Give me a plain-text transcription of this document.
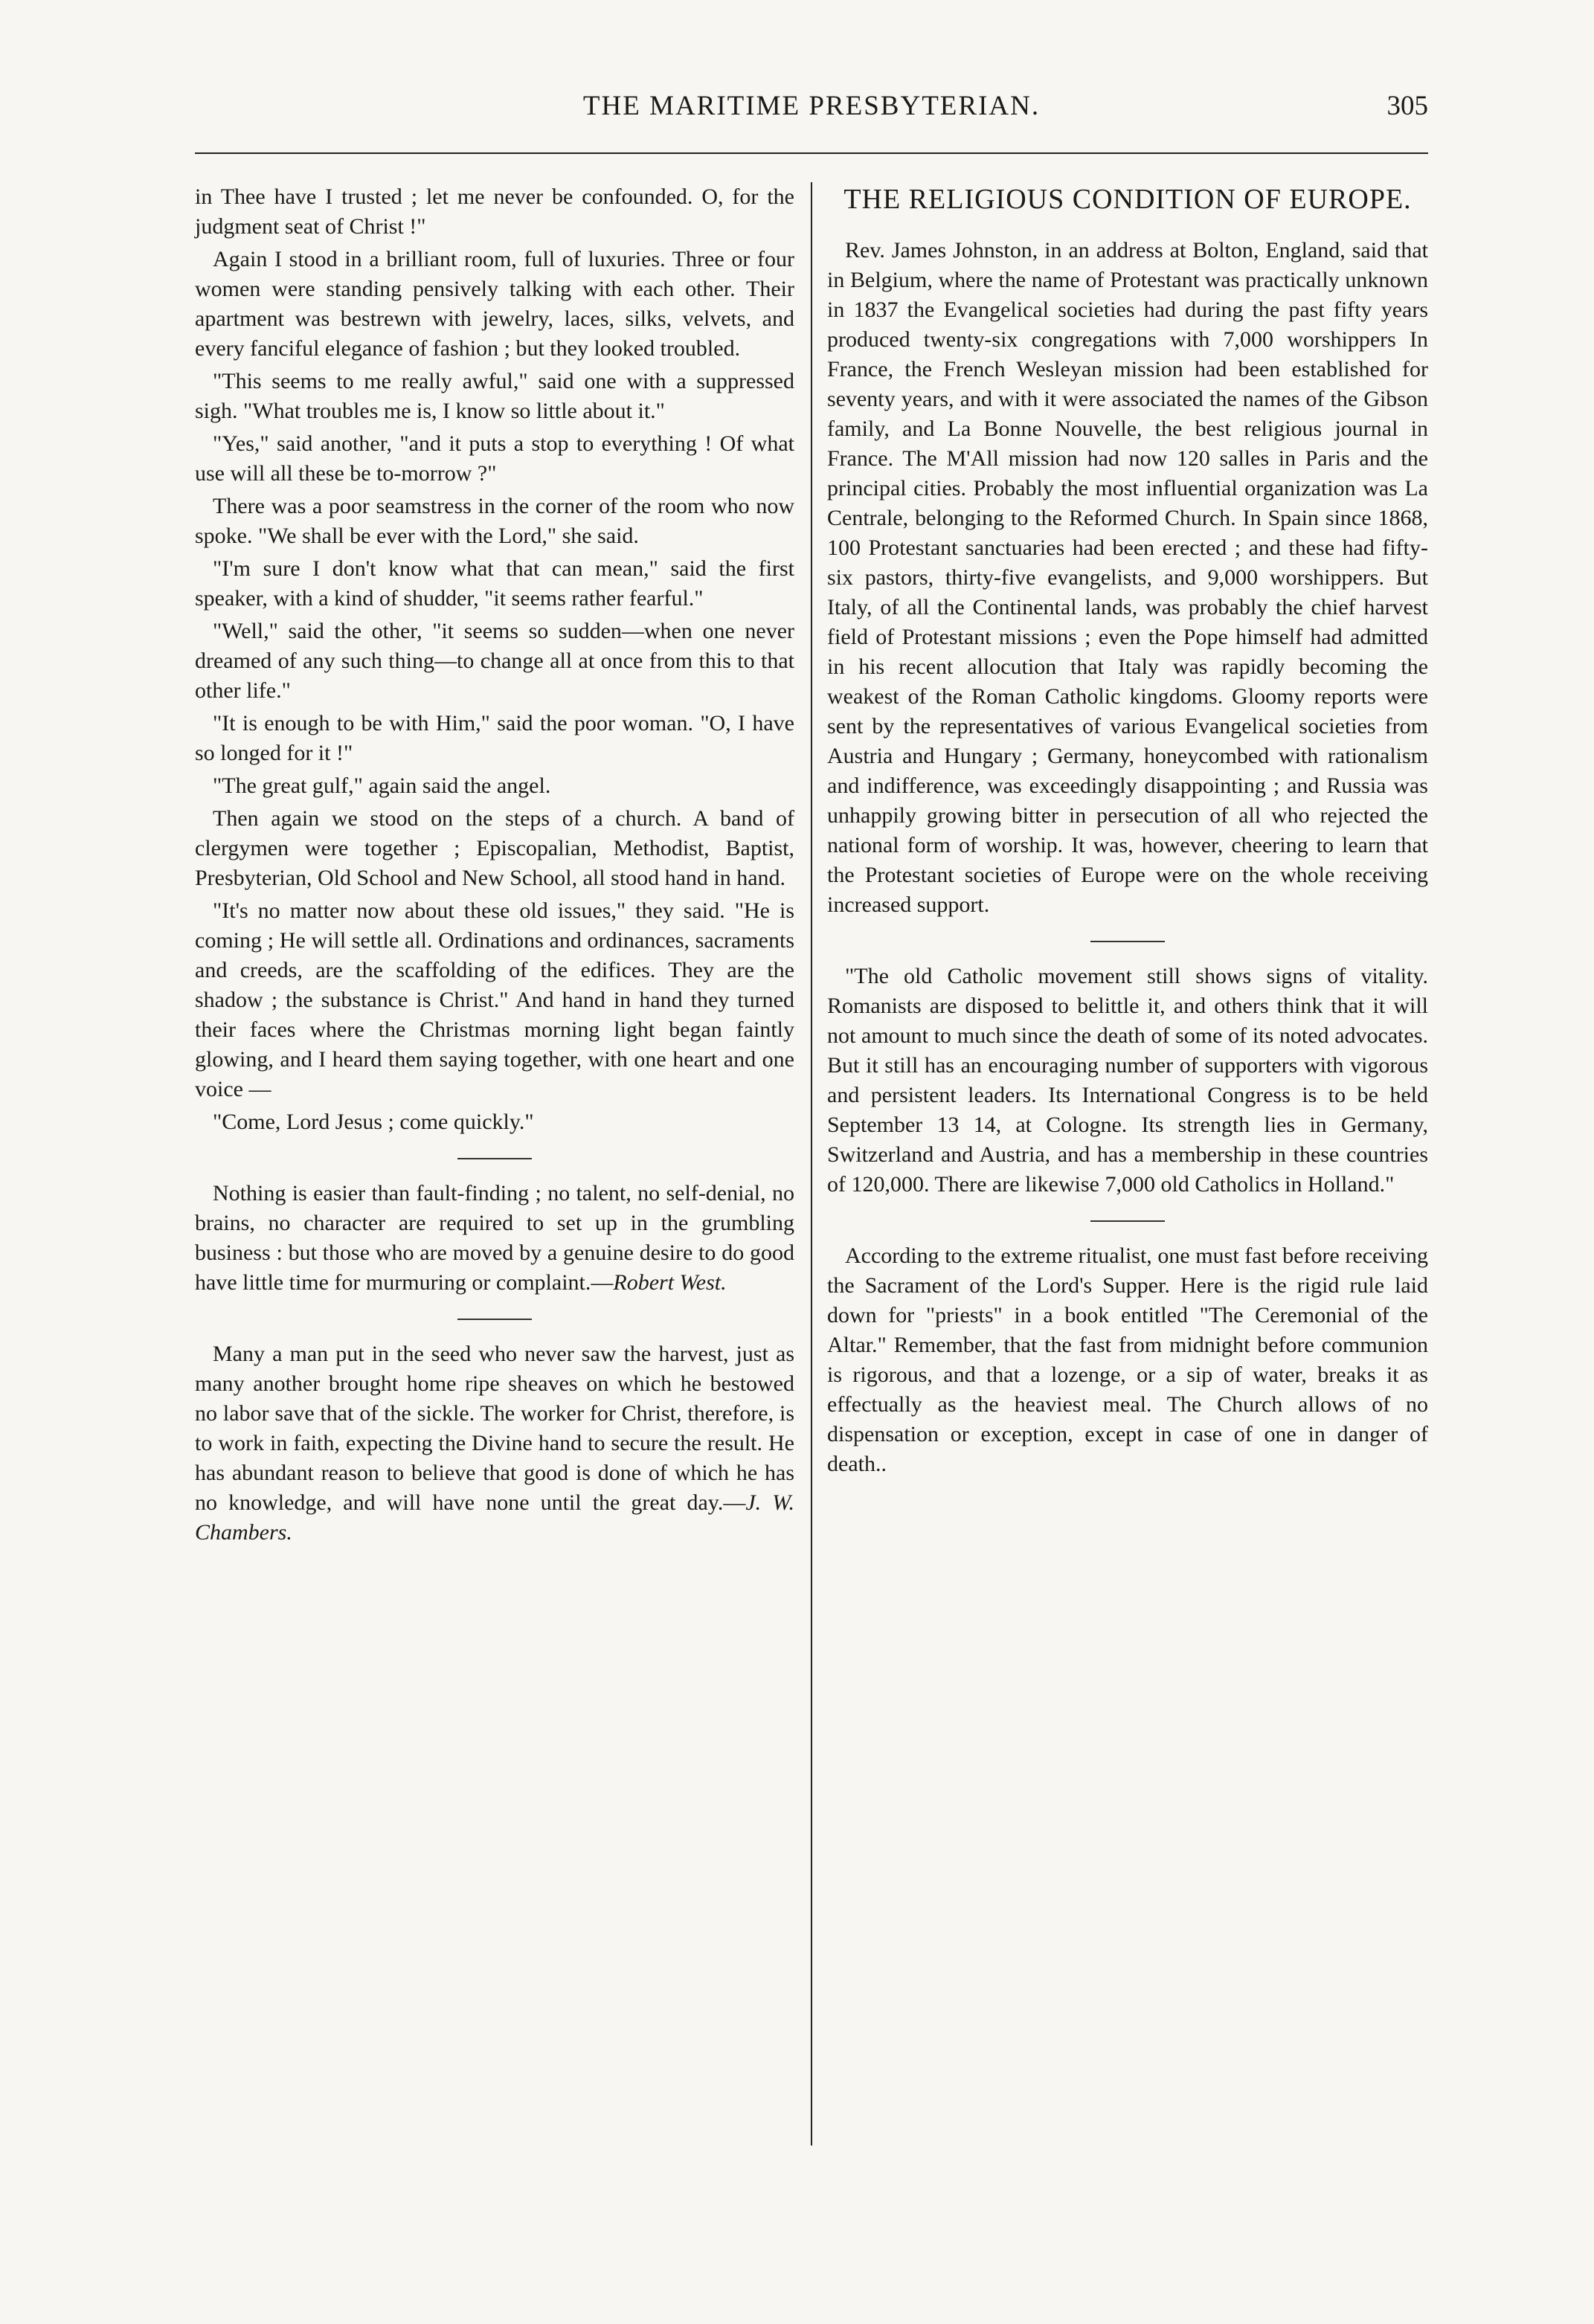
THE MARITIME PRESBYTERIAN.	305

in Thee have I trusted ; let me never be confounded. O, for the judgment seat of Christ !"

Again I stood in a brilliant room, full of luxuries. Three or four women were standing pensively talking with each other. Their apartment was bestrewn with jewelry, laces, silks, velvets, and every fanciful elegance of fashion ; but they looked troubled.

"This seems to me really awful," said one with a suppressed sigh. "What troubles me is, I know so little about it."

"Yes," said another, "and it puts a stop to everything ! Of what use will all these be to-morrow ?"

There was a poor seamstress in the corner of the room who now spoke. "We shall be ever with the Lord," she said.

"I'm sure I don't know what that can mean," said the first speaker, with a kind of shudder, "it seems rather fearful."

"Well," said the other, "it seems so sudden—when one never dreamed of any such thing—to change all at once from this to that other life."

"It is enough to be with Him," said the poor woman. "O, I have so longed for it !"

"The great gulf," again said the angel.

Then again we stood on the steps of a church. A band of clergymen were together ; Episcopalian, Methodist, Baptist, Presbyterian, Old School and New School, all stood hand in hand.

"It's no matter now about these old issues," they said. "He is coming ; He will settle all. Ordinations and ordinances, sacraments and creeds, are the scaffolding of the edifices. They are the shadow ; the substance is Christ." And hand in hand they turned their faces where the Christmas morning light began faintly glowing, and I heard them saying together, with one heart and one voice —

"Come, Lord Jesus ; come quickly."

Nothing is easier than fault-finding ; no talent, no self-denial, no brains, no character are required to set up in the grumbling business : but those who are moved by a genuine desire to do good have little time for murmuring or complaint.—Robert West.

Many a man put in the seed who never saw the harvest, just as many another brought home ripe sheaves on which he bestowed no labor save that of the sickle. The worker for Christ, therefore, is to work in faith, expecting the Divine hand to secure the result. He has abundant reason to believe that good is done of which he has no knowledge, and will have none until the great day.—J. W. Chambers.

THE RELIGIOUS CONDITION OF EUROPE.

Rev. James Johnston, in an address at Bolton, England, said that in Belgium, where the name of Protestant was practically unknown in 1837 the Evangelical societies had during the past fifty years produced twenty-six congregations with 7,000 worshippers In France, the French Wesleyan mission had been established for seventy years, and with it were associated the names of the Gibson family, and La Bonne Nouvelle, the best religious journal in France. The M'All mission had now 120 salles in Paris and the principal cities. Probably the most influential organization was La Centrale, belonging to the Reformed Church. In Spain since 1868, 100 Protestant sanctuaries had been erected ; and these had fifty-six pastors, thirty-five evangelists, and 9,000 worshippers. But Italy, of all the Continental lands, was probably the chief harvest field of Protestant missions ; even the Pope himself had admitted in his recent allocution that Italy was rapidly becoming the weakest of the Roman Catholic kingdoms. Gloomy reports were sent by the representatives of various Evangelical societies from Austria and Hungary ; Germany, honeycombed with rationalism and indifference, was exceedingly disappointing ; and Russia was unhappily growing bitter in persecution of all who rejected the national form of worship. It was, however, cheering to learn that the Protestant societies of Europe were on the whole receiving increased support.

"The old Catholic movement still shows signs of vitality. Romanists are disposed to belittle it, and others think that it will not amount to much since the death of some of its noted advocates. But it still has an encouraging number of supporters with vigorous and persistent leaders. Its International Congress is to be held September 13 14, at Cologne. Its strength lies in Germany, Switzerland and Austria, and has a membership in these countries of 120,000. There are likewise 7,000 old Catholics in Holland."

According to the extreme ritualist, one must fast before receiving the Sacrament of the Lord's Supper. Here is the rigid rule laid down for "priests" in a book entitled "The Ceremonial of the Altar." Remember, that the fast from midnight before communion is rigorous, and that a lozenge, or a sip of water, breaks it as effectually as the heaviest meal. The Church allows of no dispensation or exception, except in case of one in danger of death..
